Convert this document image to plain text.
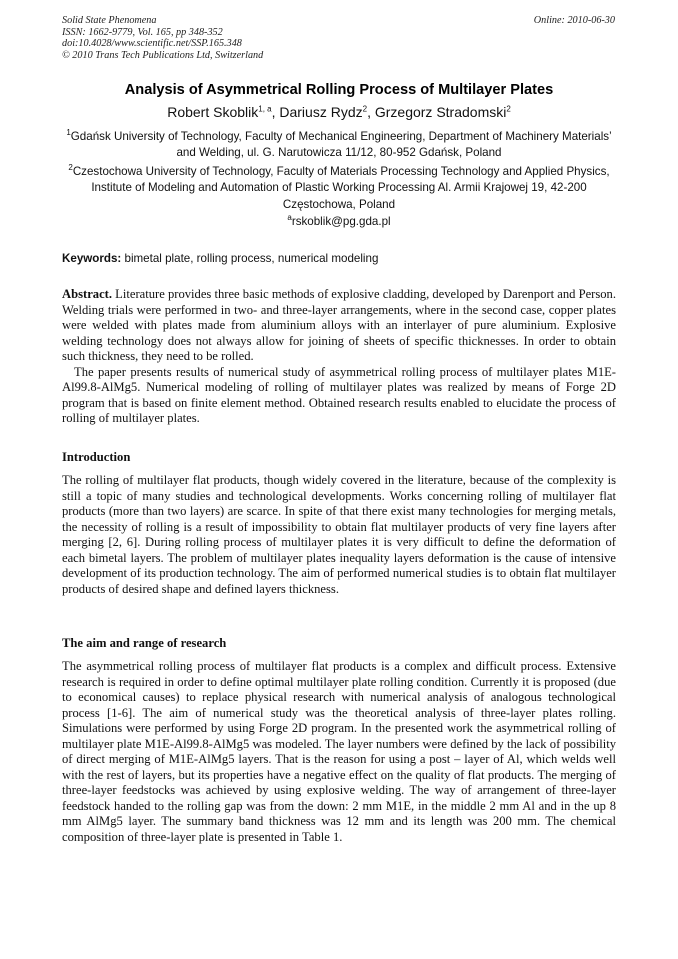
Solid State Phenomena
ISSN: 1662-9779, Vol. 165, pp 348-352
doi:10.4028/www.scientific.net/SSP.165.348
© 2010 Trans Tech Publications Ltd, Switzerland
Online: 2010-06-30
Analysis of Asymmetrical Rolling Process of Multilayer Plates
Robert Skoblik$^{1, a}$, Dariusz Rydz$^2$, Grzegorz Stradomski$^2$
$^1$Gdańsk University of Technology, Faculty of Mechanical Engineering, Department of Machinery Materials’ and Welding, ul. G. Narutowicza 11/12, 80-952 Gdańsk, Poland
$^2$Czestochowa University of Technology, Faculty of Materials Processing Technology and Applied Physics, Institute of Modeling and Automation of Plastic Working Processing Al. Armii Krajowej 19, 42-200 Częstochowa, Poland
$^a$rskoblik@pg.gda.pl
Keywords: bimetal plate, rolling process, numerical modeling

Abstract. Literature provides three basic methods of explosive cladding, developed by Darenport and Person. Welding trials were performed in two- and three-layer arrangements, where in the second case, copper plates were welded with plates made from aluminium alloys with an interlayer of pure aluminium. Explosive welding technology does not always allow for joining of sheets of specific thicknesses. In order to obtain such thickness, they need to be rolled.

The paper presents results of numerical study of asymmetrical rolling process of multilayer plates M1E-Al99.8-AlMg5. Numerical modeling of rolling of multilayer plates was realized by means of Forge 2D program that is based on finite element method. Obtained research results enabled to elucidate the process of rolling of multilayer plates.

Introduction

The rolling of multilayer flat products, though widely covered in the literature, because of the complexity is still a topic of many studies and technological developments. Works concerning rolling of multilayer flat products (more than two layers) are scarce. In spite of that there exist many technologies for merging metals, the necessity of rolling is a result of impossibility to obtain flat multilayer products of very fine layers after merging [2, 6]. During rolling process of multilayer plates it is very difficult to define the deformation of each bimetal layers. The problem of multilayer plates inequality layers deformation is the cause of intensive development of its production technology. The aim of performed numerical studies is to obtain flat multilayer products of desired shape and defined layers thickness.

The aim and range of research

The asymmetrical rolling process of multilayer flat products is a complex and difficult process. Extensive research is required in order to define optimal multilayer plate rolling condition. Currently it is proposed (due to economical causes) to replace physical research with numerical analysis of analogous technological process [1-6]. The aim of numerical study was the theoretical analysis of three-layer plates rolling. Simulations were performed by using Forge 2D program. In the presented work the asymmetrical rolling of multilayer plate M1E-Al99.8-AlMg5 was modeled. The layer numbers were defined by the lack of possibility of direct merging of M1E-AlMg5 layers. That is the reason for using a post – layer of Al, which welds well with the rest of layers, but its properties have a negative effect on the quality of flat products. The merging of three-layer feedstocks was achieved by using explosive welding. The way of arrangement of three-layer feedstock handed to the rolling gap was from the down: 2 mm M1E, in the middle 2 mm Al and in the up 8 mm AlMg5 layer. The summary band thickness was 12 mm and its length was 200 mm. The chemical composition of three-layer plate is presented in Table 1.
